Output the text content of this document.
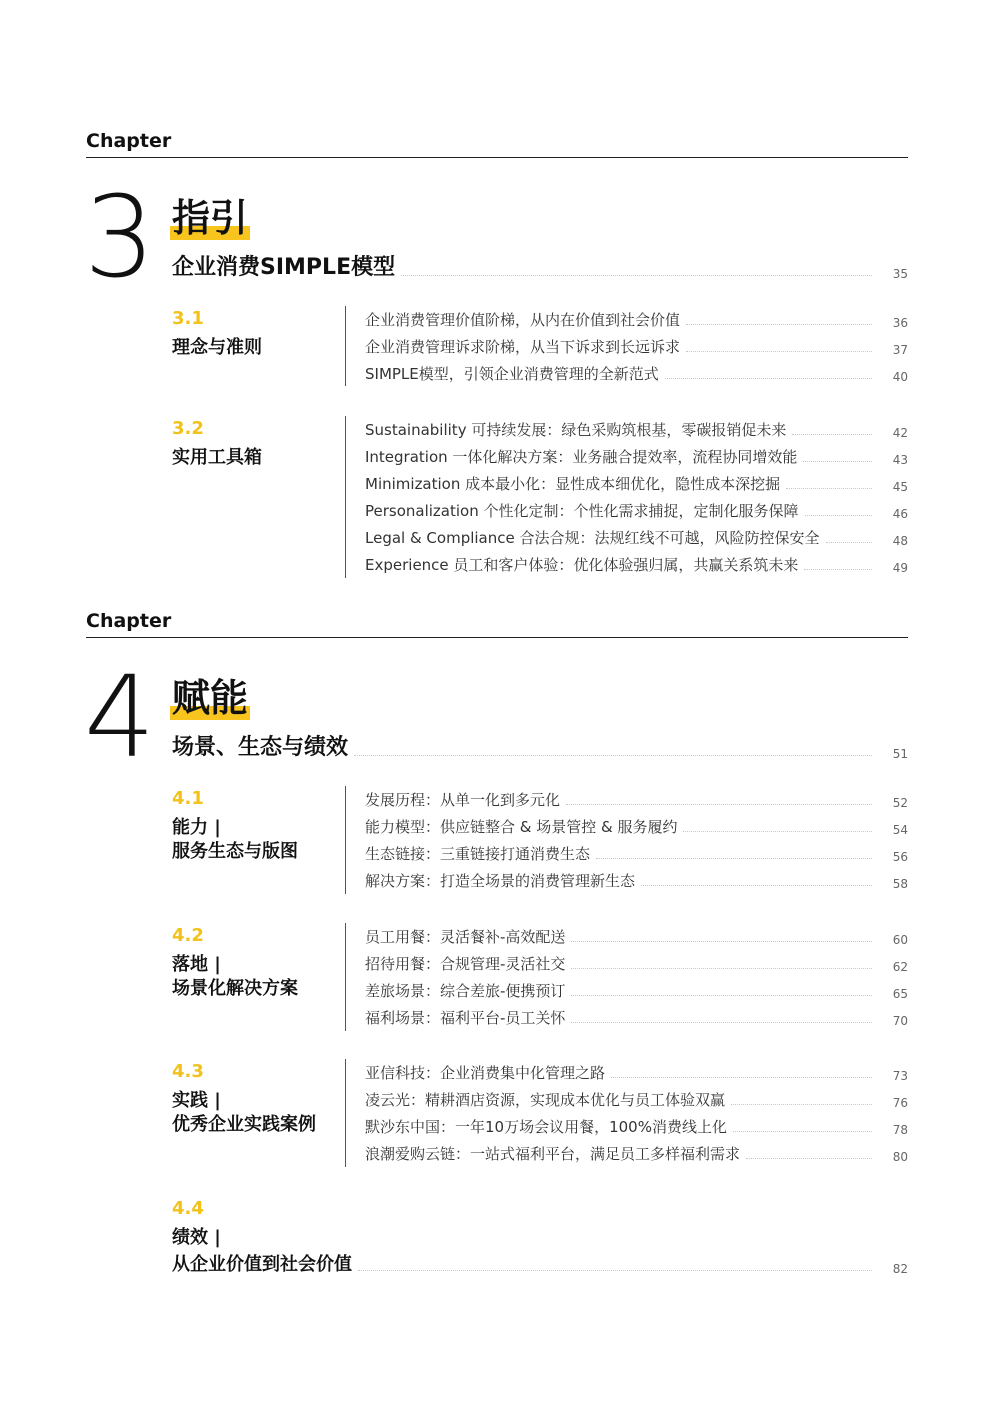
Chapter
3 指引
企业消费SIMPLE模型	35
3.1
理念与准则
企业消费管理价值阶梯，从内在价值到社会价值	36
企业消费管理诉求阶梯，从当下诉求到长远诉求	37
SIMPLE模型，引领企业消费管理的全新范式	40
3.2
实用工具箱
Sustainability 可持续发展：绿色采购筑根基，零碳报销促未来	42
Integration 一体化解决方案：业务融合提效率，流程协同增效能	43
Minimization 成本最小化：显性成本细优化，隐性成本深挖掘	45
Personalization 个性化定制：个性化需求捕捉，定制化服务保障	46
Legal & Compliance 合法合规：法规红线不可越，风险防控保安全	48
Experience 员工和客户体验：优化体验强归属，共赢关系筑未来	49
Chapter
4 赋能
场景、生态与绩效	51
4.1
能力 |
服务生态与版图
发展历程：从单一化到多元化	52
能力模型：供应链整合 & 场景管控 & 服务履约	54
生态链接：三重链接打通消费生态	56
解决方案：打造全场景的消费管理新生态	58
4.2
落地 |
场景化解决方案
员工用餐：灵活餐补-高效配送	60
招待用餐：合规管理-灵活社交	62
差旅场景：综合差旅-便携预订	65
福利场景：福利平台-员工关怀	70
4.3
实践 |
优秀企业实践案例
亚信科技：企业消费集中化管理之路	73
凌云光：精耕酒店资源，实现成本优化与员工体验双赢	76
默沙东中国：一年10万场会议用餐，100%消费线上化	78
浪潮爱购云链：一站式福利平台，满足员工多样福利需求	80
4.4
绩效 |
从企业价值到社会价值	82
